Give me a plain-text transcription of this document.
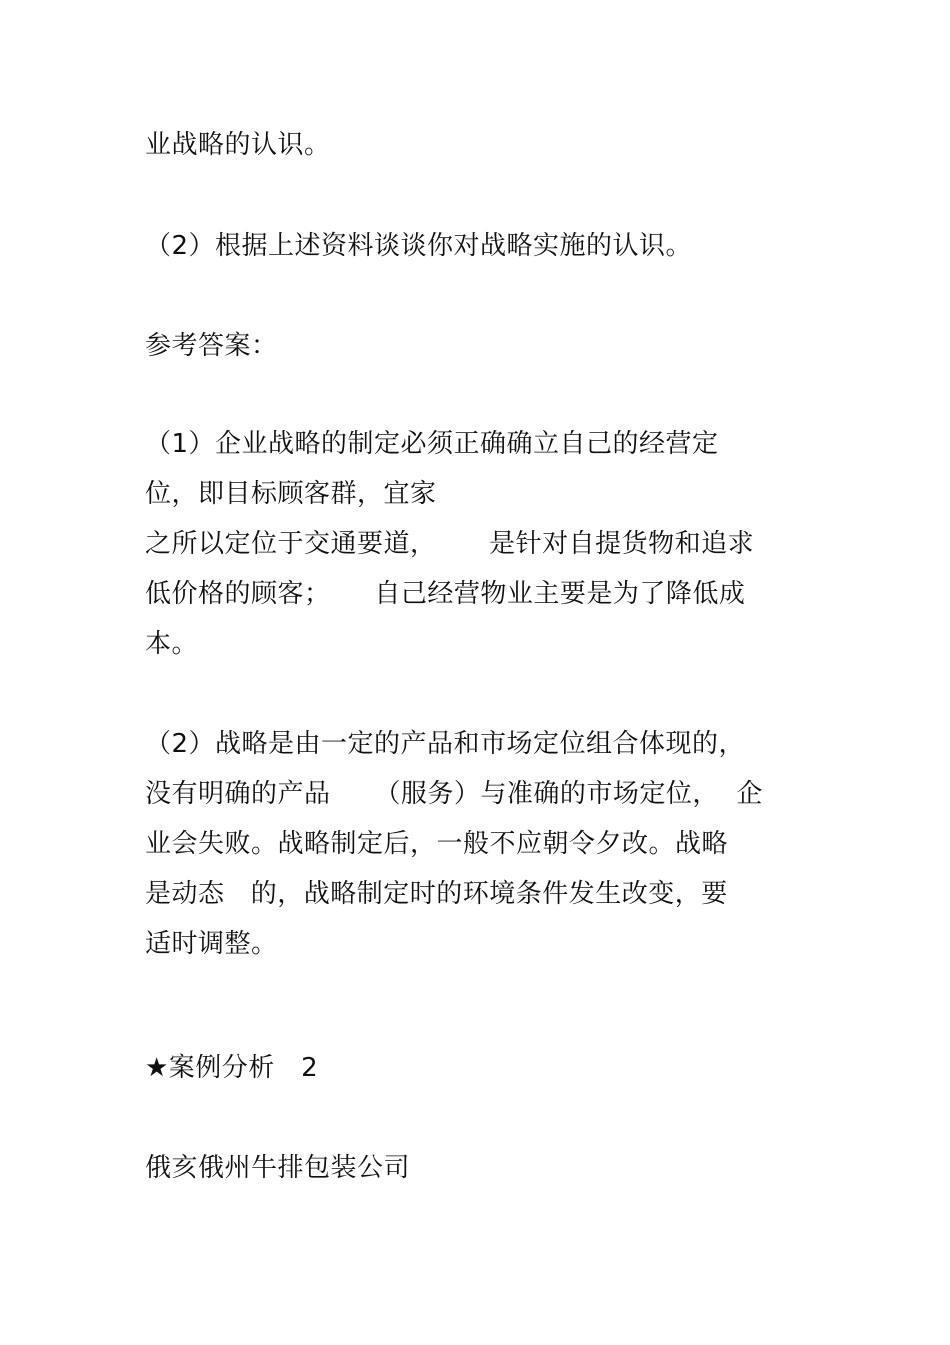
业战略的认识。
（2）根据上述资料谈谈你对战略实施的认识。
参考答案：
（1）企业战略的制定必须正确确立自己的经营定
位，即目标顾客群，宜家
之所以定位于交通要道，      是针对自提货物和追求
低价格的顾客；     自己经营物业主要是为了降低成
本。
（2）战略是由一定的产品和市场定位组合体现的，
没有明确的产品     （服务）与准确的市场定位，  企
业会失败。战略制定后，一般不应朝令夕改。战略
是动态   的，战略制定时的环境条件发生改变，要
适时调整。
★案例分析   2
俄亥俄州牛排包装公司
